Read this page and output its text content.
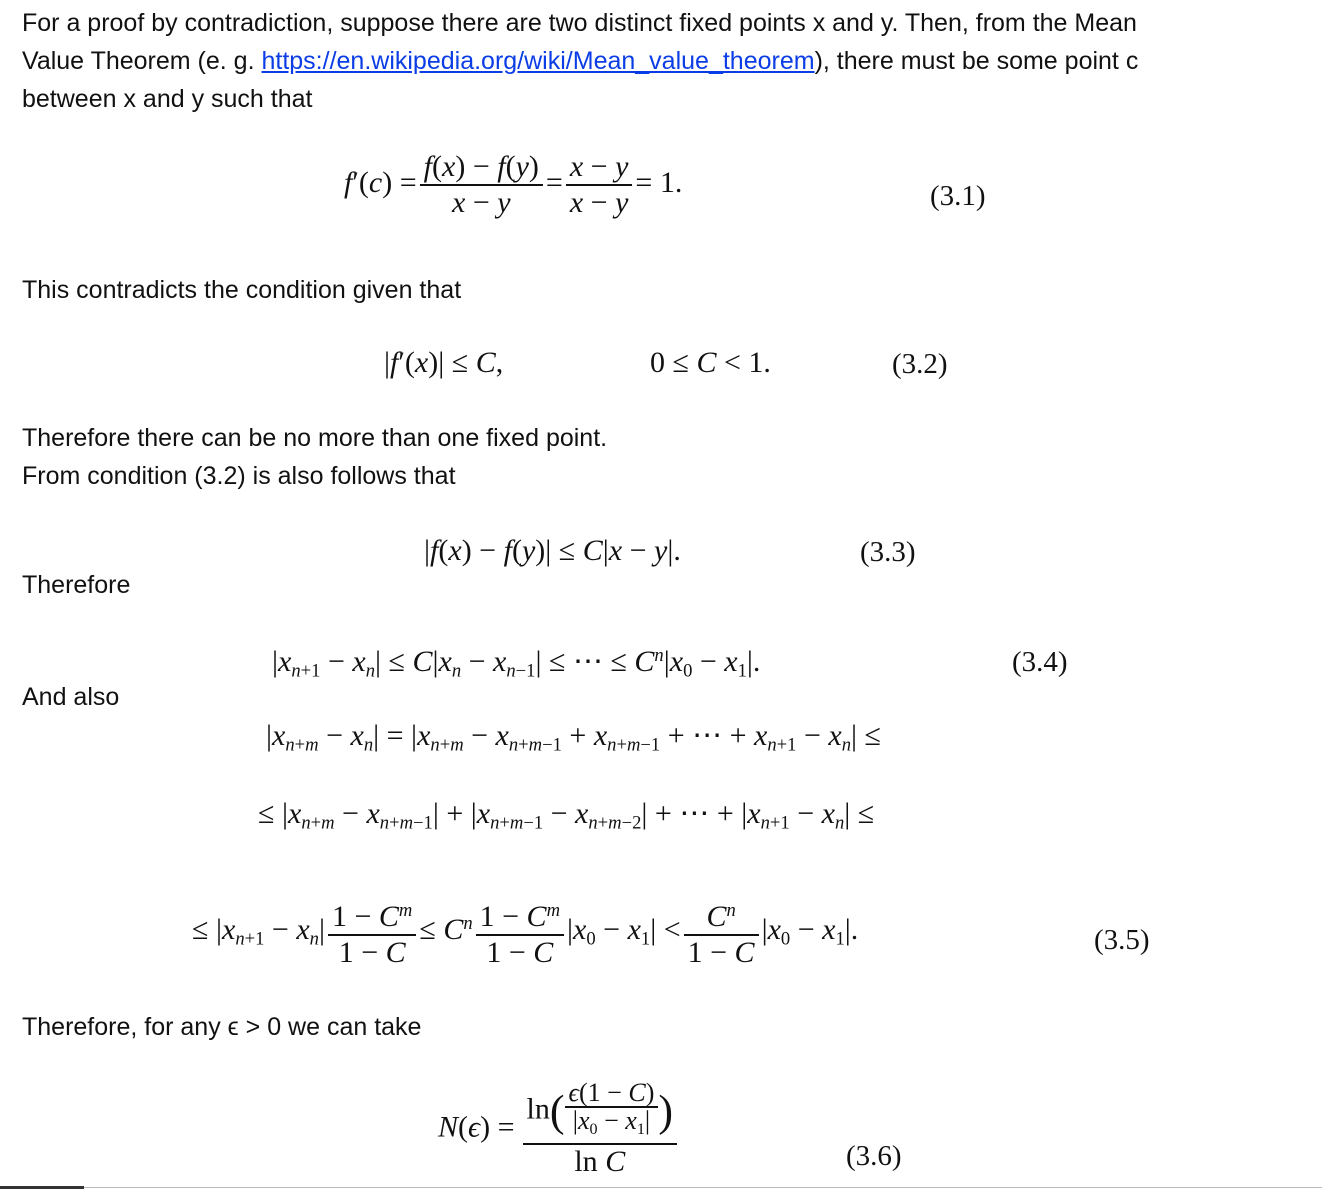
For a proof by contradiction, suppose there are two distinct fixed points x and y. Then, from the Mean
Value Theorem (e. g. https://en.wikipedia.org/wiki/Mean_value_theorem), there must be some point c
between x and y such that
$f'(c) = \frac{f(x) - f(y)}{x - y} = \frac{x - y}{x - y} = 1$.	(3.1)
This contradicts the condition given that
|f′(x)| ≤ C,	0 ≤ C < 1.	(3.2)
Therefore there can be no more than one fixed point.
From condition (3.2) is also follows that
|f(x) − f(y)| ≤ C|x − y|.	(3.3)
Therefore
$|x_{n+1} - x_n| \le C|x_n - x_{n-1}|$ ≤ ⋯ ≤ $C^n|x_0 - x_1|$.	(3.4)
And also
$|x_{n+m} - x_n| = |x_{n+m} - x_{n+m-1} + x_{n+m-1}$ + ⋯ + $x_{n+1} - x_n|$ ≤
≤ $|x_{n+m} - x_{n+m-1}| + |x_{n+m-1} - x_{n+m-2}|$ + ⋯ + $|x_{n+1} - x_n|$ ≤
≤ $|x_{n+1} - x_n| \frac{1 - C^m}{1 - C} \le C^n \frac{1 - C^m}{1 - C} |x_0 - x_1| < \frac{C^n}{1 - C} |x_0 - x_1|$.	(3.5)
Therefore, for any ϵ > 0 we can take
$N(\epsilon) = \frac{\ln( \frac{\epsilon(1 - C)}{|x_0 - x_1|} )}{\text{ln C}}$	(3.6)
